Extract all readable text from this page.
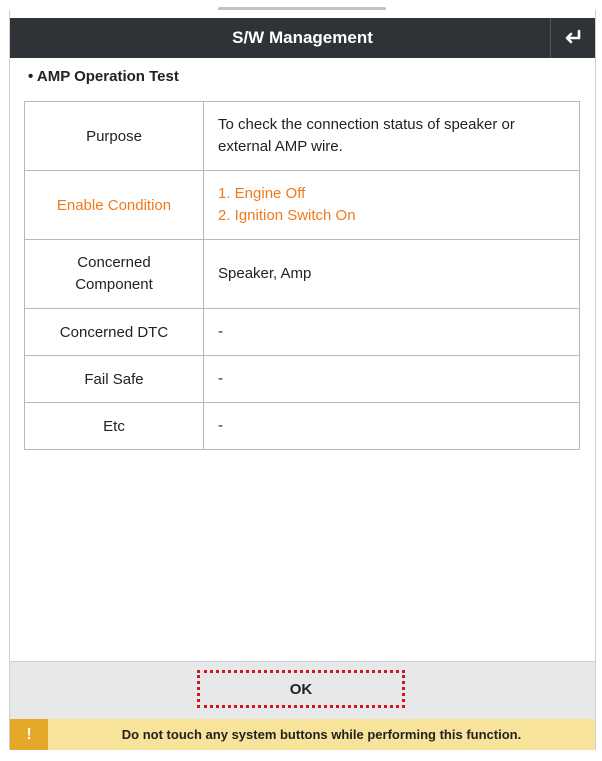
S/W Management
• AMP Operation Test
Purpose	To check the connection status of speaker or
external AMP wire.

Enable Condition	1. Engine Off
2. Ignition Switch On

Concerned
Component	Speaker, Amp

Concerned DTC	-
Fail Safe	-
Etc	-
OK
!	Do not touch any system buttons while performing this function.
